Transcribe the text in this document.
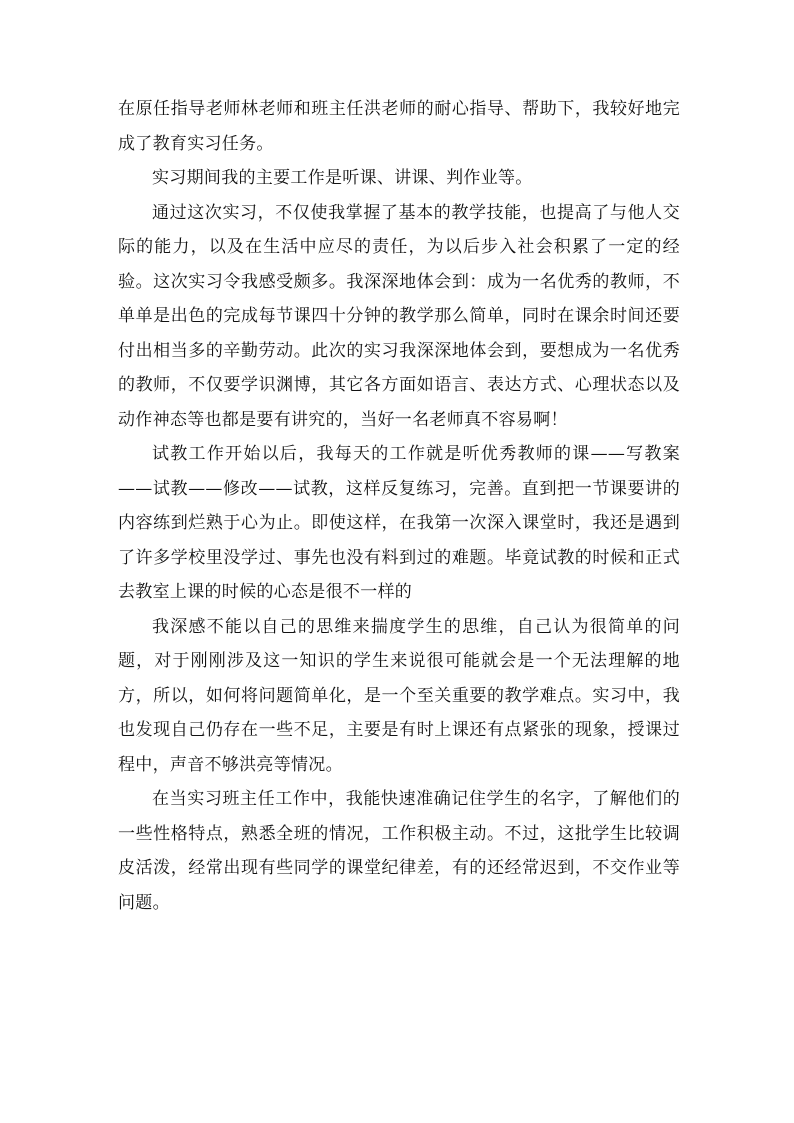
在原任指导老师林老师和班主任洪老师的耐心指导、帮助下，我较好地完成了教育实习任务。

实习期间我的主要工作是听课、讲课、判作业等。

通过这次实习，不仅使我掌握了基本的教学技能，也提高了与他人交际的能力，以及在生活中应尽的责任，为以后步入社会积累了一定的经验。这次实习令我感受颇多。我深深地体会到：成为一名优秀的教师，不单单是出色的完成每节课四十分钟的教学那么简单，同时在课余时间还要付出相当多的辛勤劳动。此次的实习我深深地体会到，要想成为一名优秀的教师，不仅要学识渊博，其它各方面如语言、表达方式、心理状态以及动作神态等也都是要有讲究的，当好一名老师真不容易啊！

试教工作开始以后，我每天的工作就是听优秀教师的课——写教案——试教——修改——试教，这样反复练习，完善。直到把一节课要讲的内容练到烂熟于心为止。即使这样，在我第一次深入课堂时，我还是遇到了许多学校里没学过、事先也没有料到过的难题。毕竟试教的时候和正式去教室上课的时候的心态是很不一样的

我深感不能以自己的思维来揣度学生的思维，自己认为很简单的问题，对于刚刚涉及这一知识的学生来说很可能就会是一个无法理解的地方，所以，如何将问题简单化，是一个至关重要的教学难点。实习中，我也发现自己仍存在一些不足，主要是有时上课还有点紧张的现象，授课过程中，声音不够洪亮等情况。

在当实习班主任工作中，我能快速准确记住学生的名字，了解他们的一些性格特点，熟悉全班的情况，工作积极主动。不过，这批学生比较调皮活泼，经常出现有些同学的课堂纪律差，有的还经常迟到，不交作业等问题。
